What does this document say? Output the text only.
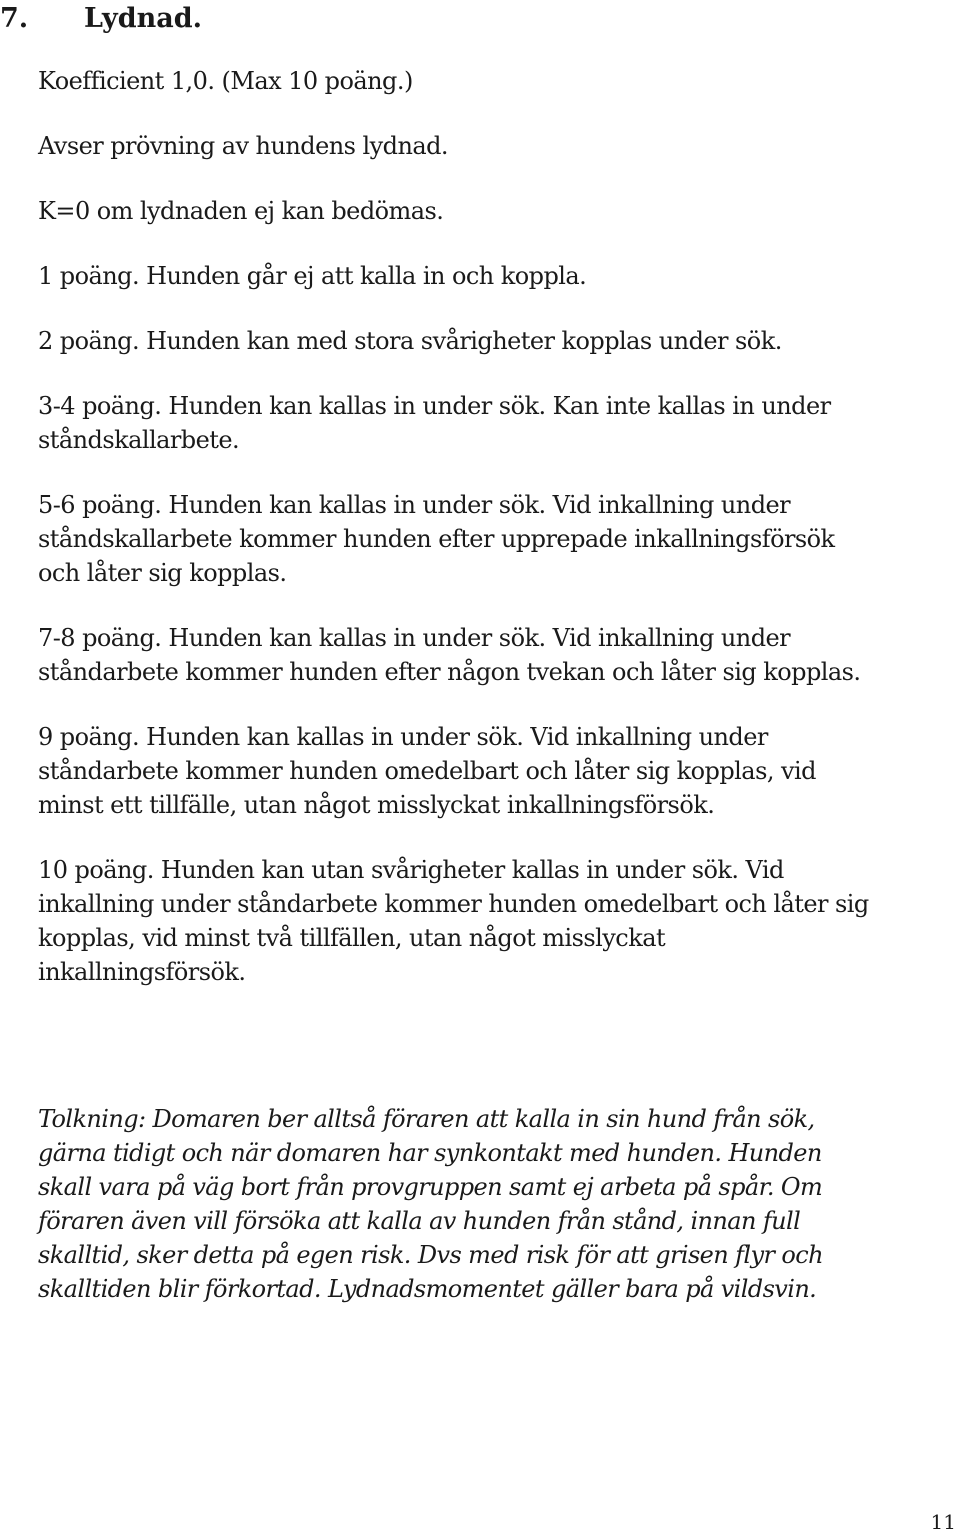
7. Lydnad.

Koefficient 1,0. (Max 10 poäng.)

Avser prövning av hundens lydnad.

K=0 om lydnaden ej kan bedömas.

1 poäng. Hunden går ej att kalla in och koppla.

2 poäng. Hunden kan med stora svårigheter kopplas under sök.

3-4 poäng. Hunden kan kallas in under sök. Kan inte kallas in under
ståndskallarbete.

5-6 poäng. Hunden kan kallas in under sök. Vid inkallning under
ståndskallarbete kommer hunden efter upprepade inkallningsförsök
och låter sig kopplas.

7-8 poäng. Hunden kan kallas in under sök. Vid inkallning under
ståndarbete kommer hunden efter någon tvekan och låter sig kopplas.

9 poäng. Hunden kan kallas in under sök. Vid inkallning under
ståndarbete kommer hunden omedelbart och låter sig kopplas, vid
minst ett tillfälle, utan något misslyckat inkallningsförsök.

10 poäng. Hunden kan utan svårigheter kallas in under sök. Vid
inkallning under ståndarbete kommer hunden omedelbart och låter sig
kopplas, vid minst två tillfällen, utan något misslyckat
inkallningsförsök.

Tolkning: Domaren ber alltså föraren att kalla in sin hund från sök,
gärna tidigt och när domaren har synkontakt med hunden. Hunden
skall vara på väg bort från provgruppen samt ej arbeta på spår. Om
föraren även vill försöka att kalla av hunden från stånd, innan full
skalltid, sker detta på egen risk. Dvs med risk för att grisen flyr och
skalltiden blir förkortad. Lydnadsmomentet gäller bara på vildsvin.

11
